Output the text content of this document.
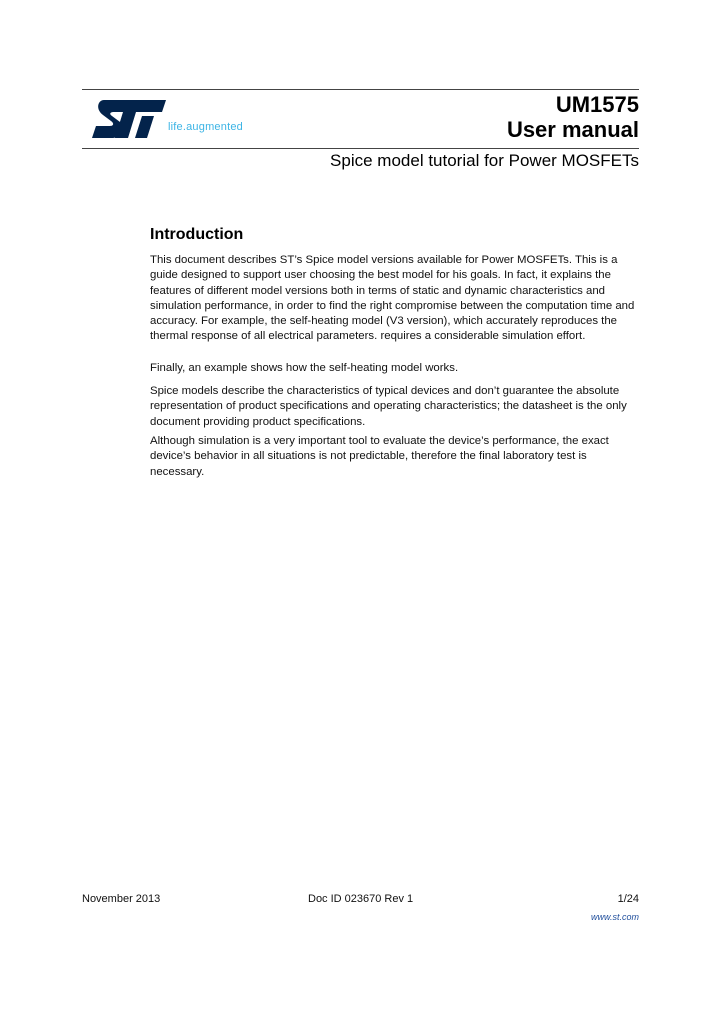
life.augmented
UM1575
User manual
Spice model tutorial for Power MOSFETs
Introduction

This document describes ST’s Spice model versions available for Power MOSFETs. This is a guide designed to support user choosing the best model for his goals. In fact, it explains the features of different model versions both in terms of static and dynamic characteristics and simulation performance, in order to find the right compromise between the computation time and accuracy. For example, the self-heating model (V3 version), which accurately reproduces the thermal response of all electrical parameters. requires a considerable simulation effort.

Finally, an example shows how the self-heating model works.

Spice models describe the characteristics of typical devices and don’t guarantee the absolute representation of product specifications and operating characteristics; the datasheet is the only document providing product specifications.

Although simulation is a very important tool to evaluate the device’s performance, the exact device’s behavior in all situations is not predictable, therefore the final laboratory test is necessary.

November 2013	Doc ID 023670 Rev 1	1/24
www.st.com
